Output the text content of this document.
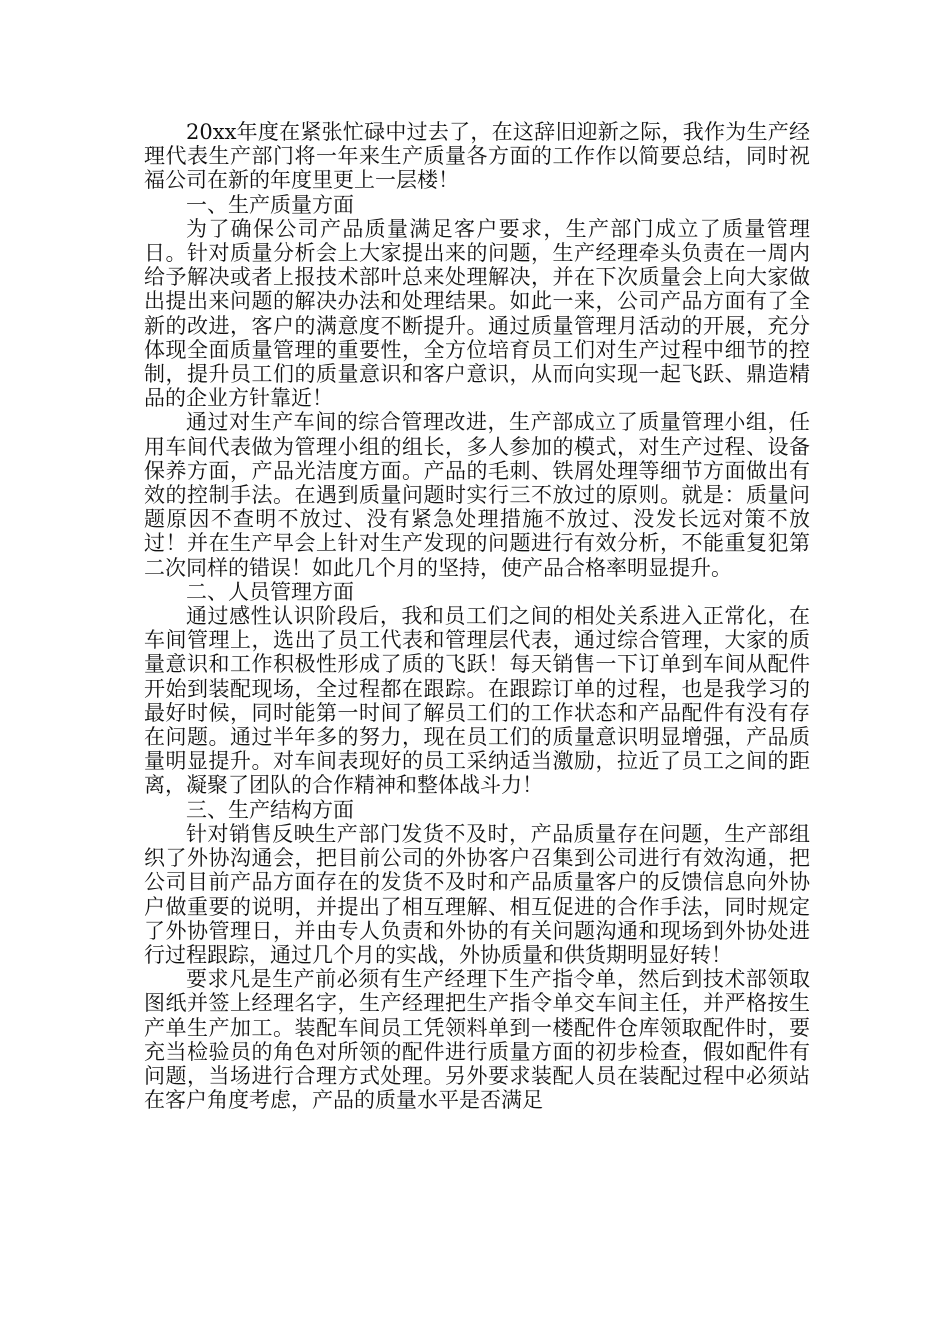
20xx年度在紧张忙碌中过去了，在这辞旧迎新之际，我作为生产经理代表生产部门将一年来生产质量各方面的工作作以简要总结，同时祝福公司在新的年度里更上一层楼！

一、生产质量方面

为了确保公司产品质量满足客户要求，生产部门成立了质量管理日。针对质量分析会上大家提出来的问题，生产经理牵头负责在一周内给予解决或者上报技术部叶总来处理解决，并在下次质量会上向大家做出提出来问题的解决办法和处理结果。如此一来，公司产品方面有了全新的改进，客户的满意度不断提升。通过质量管理月活动的开展，充分体现全面质量管理的重要性，全方位培育员工们对生产过程中细节的控制，提升员工们的质量意识和客户意识，从而向实现一起飞跃、鼎造精品的企业方针靠近！

通过对生产车间的综合管理改进，生产部成立了质量管理小组，任用车间代表做为管理小组的组长，多人参加的模式，对生产过程、设备保养方面，产品光洁度方面。产品的毛刺、铁屑处理等细节方面做出有效的控制手法。在遇到质量问题时实行三不放过的原则。就是：质量问题原因不查明不放过、没有紧急处理措施不放过、没发长远对策不放过！并在生产早会上针对生产发现的问题进行有效分析，不能重复犯第二次同样的错误！如此几个月的坚持，使产品合格率明显提升。

二、人员管理方面

通过感性认识阶段后，我和员工们之间的相处关系进入正常化，在车间管理上，选出了员工代表和管理层代表，通过综合管理，大家的质量意识和工作积极性形成了质的飞跃！每天销售一下订单到车间从配件开始到装配现场，全过程都在跟踪。在跟踪订单的过程，也是我学习的最好时候，同时能第一时间了解员工们的工作状态和产品配件有没有存在问题。通过半年多的努力，现在员工们的质量意识明显增强，产品质量明显提升。对车间表现好的员工采纳适当激励，拉近了员工之间的距离，凝聚了团队的合作精神和整体战斗力！

三、生产结构方面

针对销售反映生产部门发货不及时，产品质量存在问题，生产部组织了外协沟通会，把目前公司的外协客户召集到公司进行有效沟通，把公司目前产品方面存在的发货不及时和产品质量客户的反馈信息向外协户做重要的说明，并提出了相互理解、相互促进的合作手法，同时规定了外协管理日，并由专人负责和外协的有关问题沟通和现场到外协处进行过程跟踪，通过几个月的实战，外协质量和供货期明显好转！

要求凡是生产前必须有生产经理下生产指令单，然后到技术部领取图纸并签上经理名字，生产经理把生产指令单交车间主任，并严格按生产单生产加工。装配车间员工凭领料单到一楼配件仓库领取配件时，要充当检验员的角色对所领的配件进行质量方面的初步检查，假如配件有问题，当场进行合理方式处理。另外要求装配人员在装配过程中必须站在客户角度考虑，产品的质量水平是否满足
